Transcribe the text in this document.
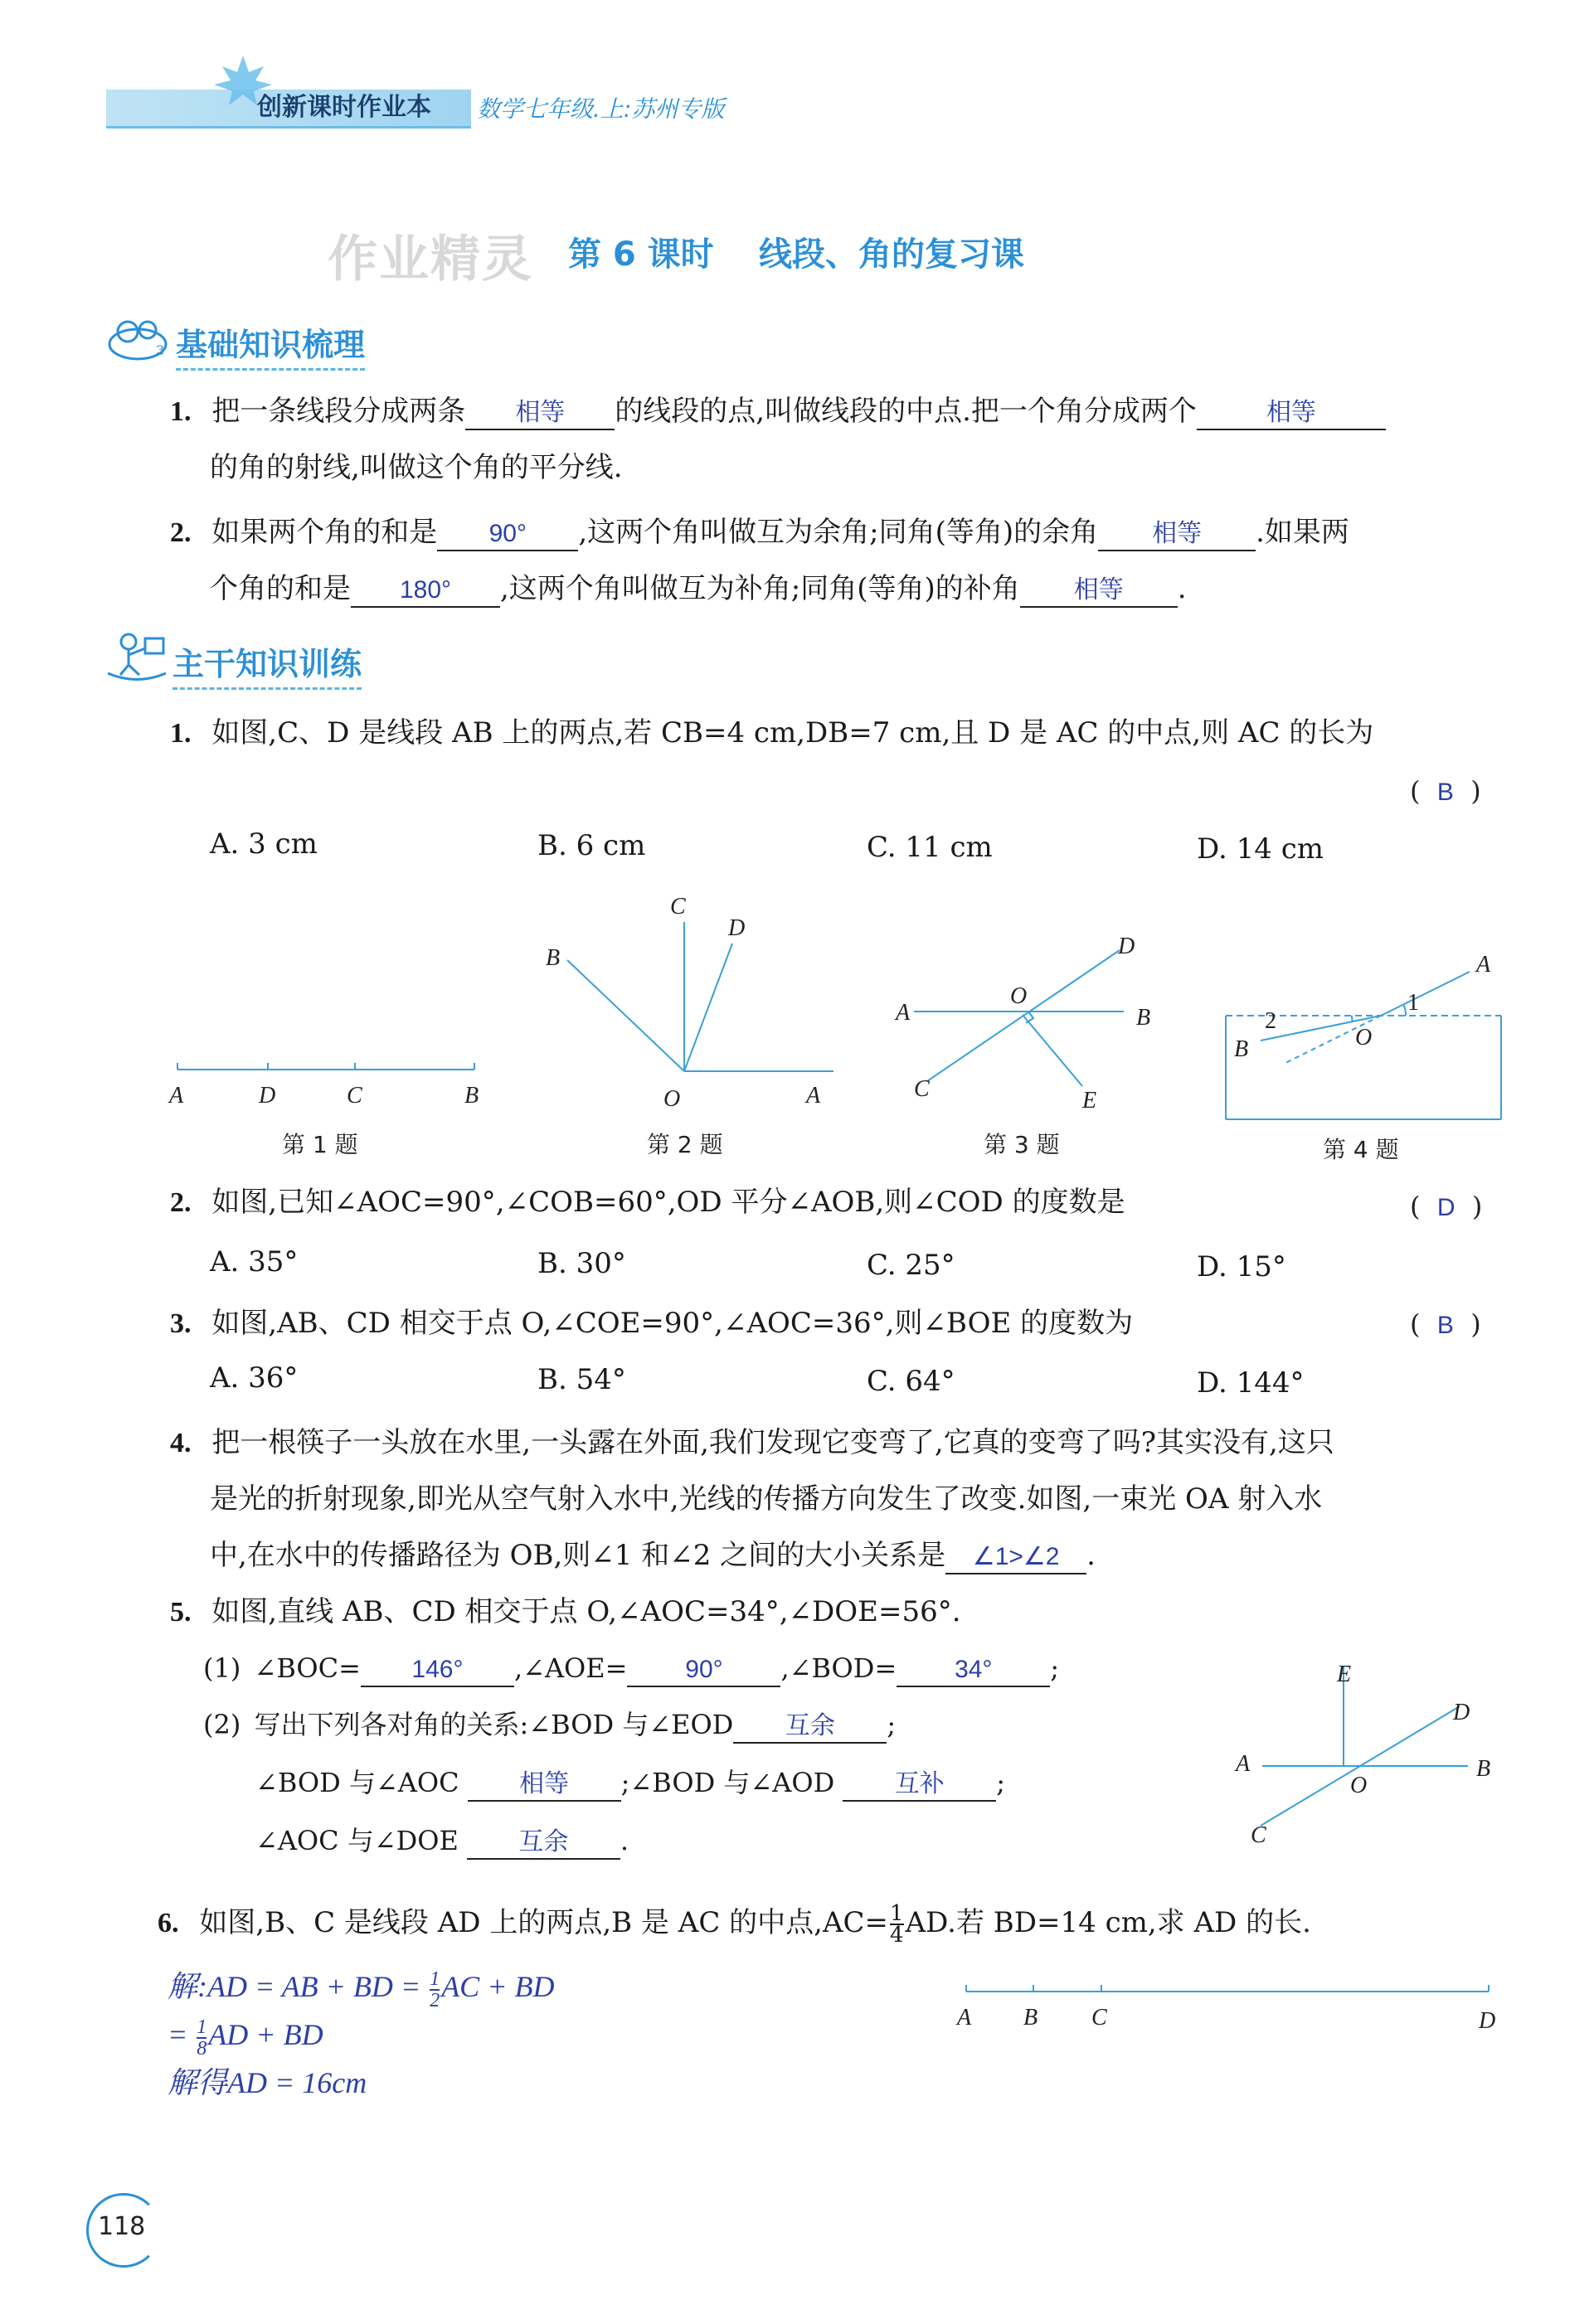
创新课时作业本 数学七年级.上:苏州专版
作业精灵 第 6 课时 线段、角的复习课
3 基础知识梳理
1. 把一条线段分成两条 相等 的线段的点,叫做线段的中点.把一个角分成两个	相等
的角的射线,叫做这个角的平分线.
2. 如果两个角的和是 90° ,这两个角叫做互为余角;同角(等角)的余角 相等 .如果两
个角的和是 180° ,这两个角叫做互为补角;同角(等角)的补角 相等 .
主干知识训练
1. 如图,C、D 是线段 AB 上的两点,若 CB=4 cm,DB=7 cm,且 D 是 AC 的中点,则 AC 的长为
(  B  )
A. 3 cm	B. 6 cm	C. 11 cm	D. 14 cm
A	D	C	B
第 1 题
B
C
D
O	A
第 2 题
A
O
B
D
C	E
第 3 题
A
1
2
B	O
第 4 题
2. 如图,已知∠AOC=90°,∠COB=60°,OD 平分∠AOB,则∠COD 的度数是	(  D  )
A. 35°	B. 30°	C. 25°	D. 15°
3. 如图,AB、CD 相交于点 O,∠COE=90°,∠AOC=36°,则∠BOE 的度数为	(  B  )
A. 36°	B. 54°	C. 64°	D. 144°
4. 把一根筷子一头放在水里,一头露在外面,我们发现它变弯了,它真的变弯了吗?其实没有,这只
是光的折射现象,即光从空气射入水中,光线的传播方向发生了改变.如图,一束光 OA 射入水
中,在水中的传播路径为 OB,则∠1 和∠2 之间的大小关系是 ∠1>∠2 .
5. 如图,直线 AB、CD 相交于点 O,∠AOC=34°,∠DOE=56°.
(1) ∠BOC= 146° ,∠AOE= 90° ,∠BOD= 34° ;
(2) 写出下列各对角的关系:∠BOD 与∠EOD 互余 ;
∠BOD 与∠AOC 相等 ;∠BOD 与∠AOD 互补 ;
∠AOC 与∠DOE 互余 .
E
D
A
O
B
C
6. 如图,B、C 是线段 AD 上的两点,B 是 AC 的中点$,AC= \frac{1}{4}$ AD.若 BD=14 cm,求 AD 的长.
解:AD = AB + BD = $\frac{1}{2}$ AC + BD
= $\frac{1}{8}$ AD + BD
解得AD = 16cm
A B C	D
118
